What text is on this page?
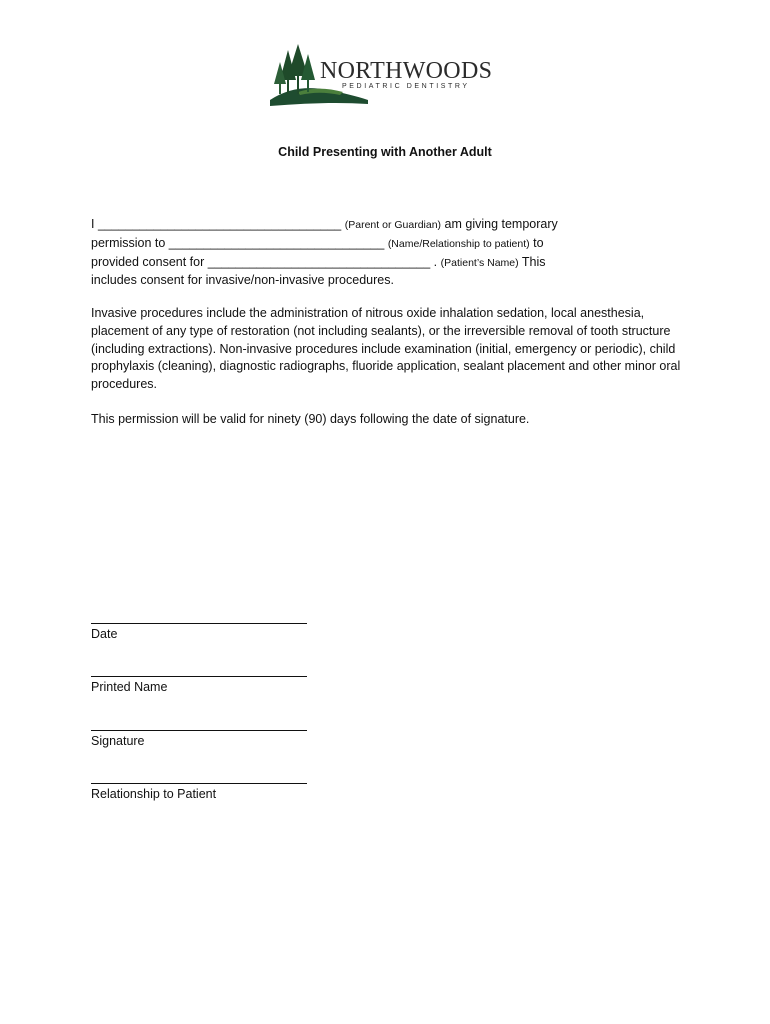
NORTHWOODS
PEDIATRIC DENTISTRY
Child Presenting with Another Adult
I ___________________________________ (Parent or Guardian) am giving temporary
permission to _______________________________ (Name/Relationship to patient) to
provided consent for ________________________________ . (Patient’s Name) This
includes consent for invasive/non-invasive procedures.
Invasive procedures include the administration of nitrous oxide inhalation sedation, local anesthesia, placement of any type of restoration (not including sealants), or the irreversible removal of tooth structure (including extractions). Non-invasive procedures include examination (initial, emergency or periodic), child prophylaxis (cleaning), diagnostic radiographs, fluoride application, sealant placement and other minor oral procedures.
This permission will be valid for ninety (90) days following the date of signature.
Date
Printed Name
Signature
Relationship to Patient
